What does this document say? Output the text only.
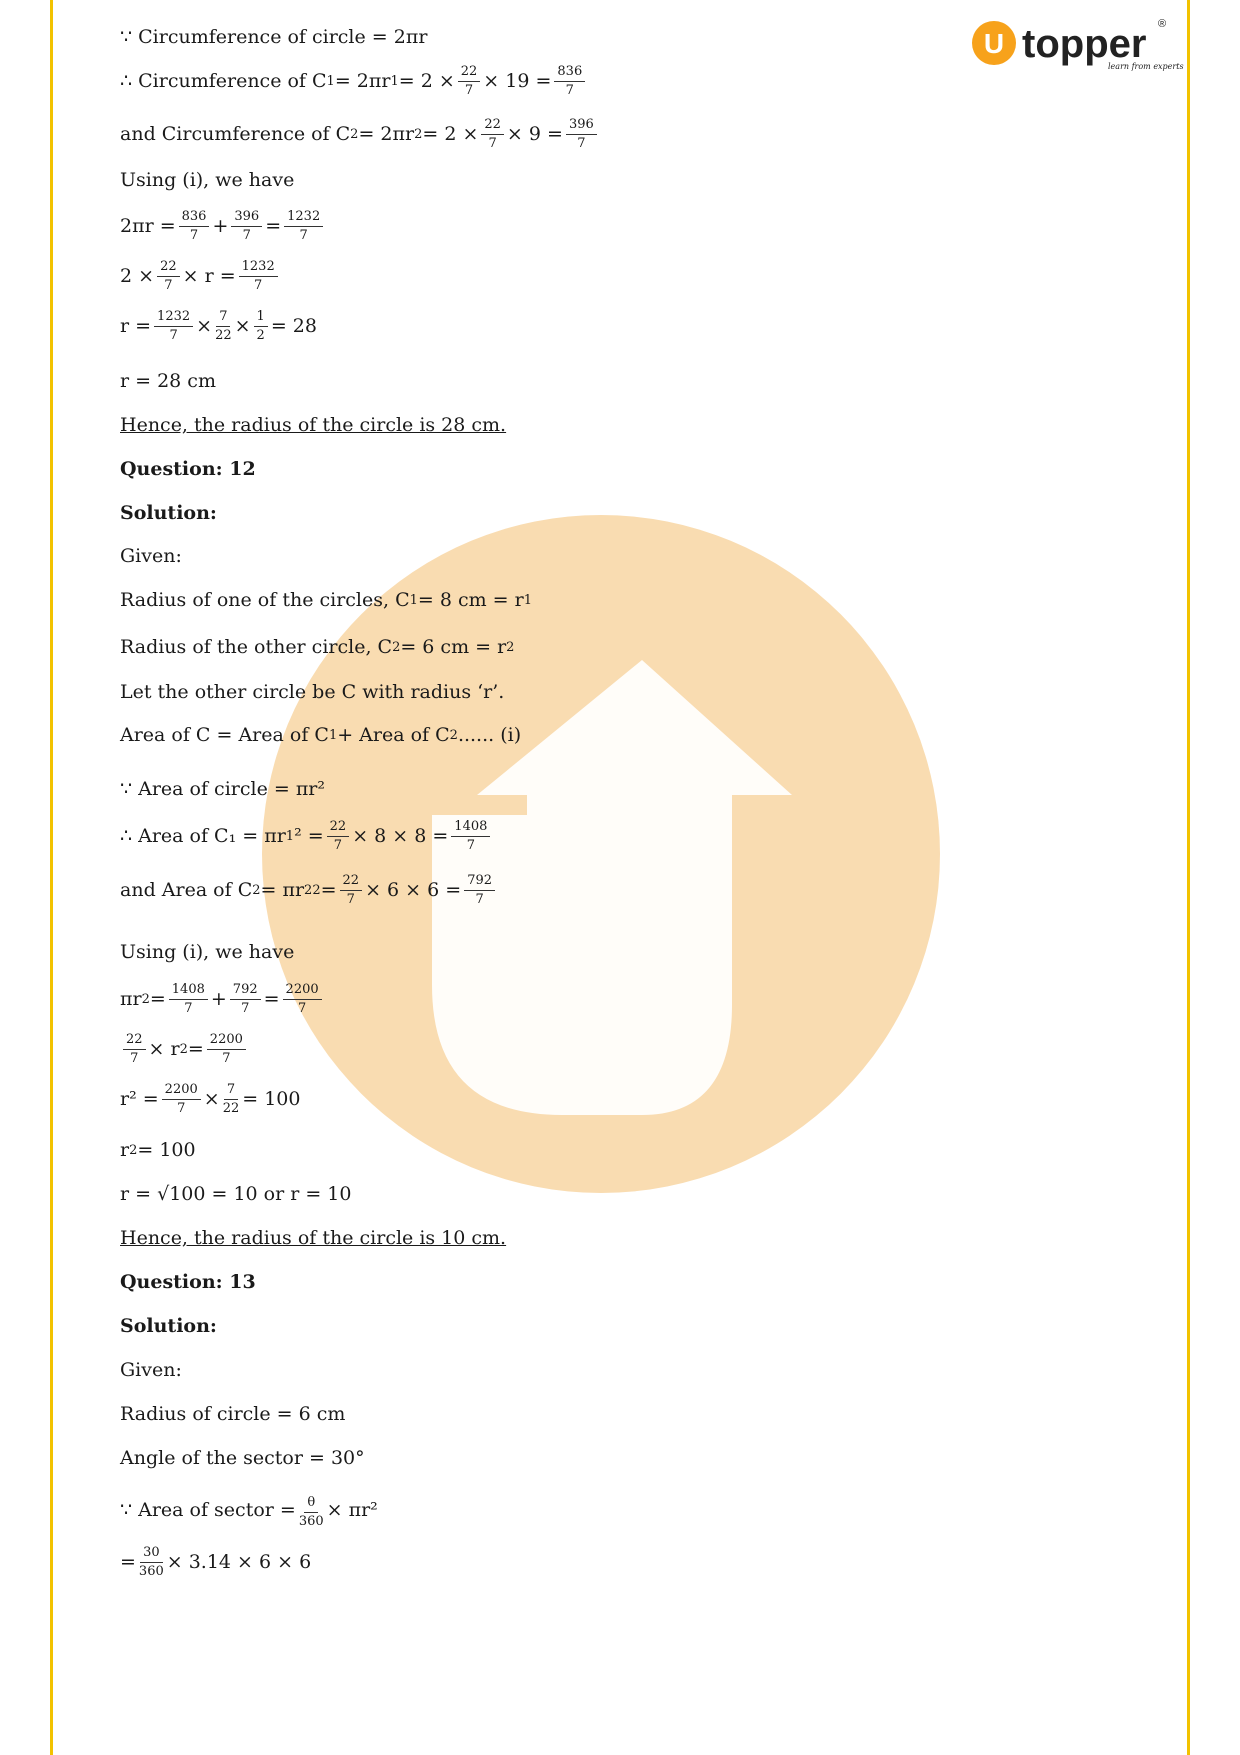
U topper ®
learn from experts
∵ Circumference of circle = 2πr
∴ Circumference of C 1 = 2πr $1 = 2 \times \frac{22}{7} \times 19 = \frac{836}{7}$
and Circumference of C 2 = 2πr $2 = 2 \times \frac{22}{7} \times 9 = \frac{396}{7}$
Using (i), we have
$2\pi r = \frac{836}{7} + \frac{396}{7} = \frac{1232}{7}$
$2 \times \frac{22}{7} \times r = \frac{1232}{7}$
$r = \frac{1232}{7} \times \frac{7}{22} \times \frac{1}{2} = 28$
r = 28 cm
Hence, the radius of the circle is 28 cm.
Question: 12
Solution:
Given:
Radius of one of the circles, C 1 = 8 cm = r 1
Radius of the other circle, C 2 = 6 cm = r 2
Let the other circle be C with radius ‘r’.
Area of C = Area of C 1 + Area of C 2 ...... (i)
∵ Area of circle = πr²
∴ Area of C₁ = πr 1 $^2 = \frac{22}{7} \times 8 \times 8 = \frac{1408}{7}$
and Area of C 2 = πr 2 $2 = \frac{22}{7} \times 6 \times 6 = \frac{792}{7}$
Using (i), we have
πr $2 = \frac{1408}{7} + \frac{792}{7} = \frac{2200}{7}$
$\frac{22}{7} \times r$ $2 = \frac{2200}{7}$
$r^2 = \frac{2200}{7} \times \frac{7}{22} = 100$
r 2 = 100
r = √100 = 10 or r = 10
Hence, the radius of the circle is 10 cm.
Question: 13
Solution:
Given:
Radius of circle = 6 cm
Angle of the sector = 30°
∵ Area of sector = $\frac{\theta}{360} \times \pi r^2$
= $\frac{30}{360} \times 3.14 \times 6 \times 6$
